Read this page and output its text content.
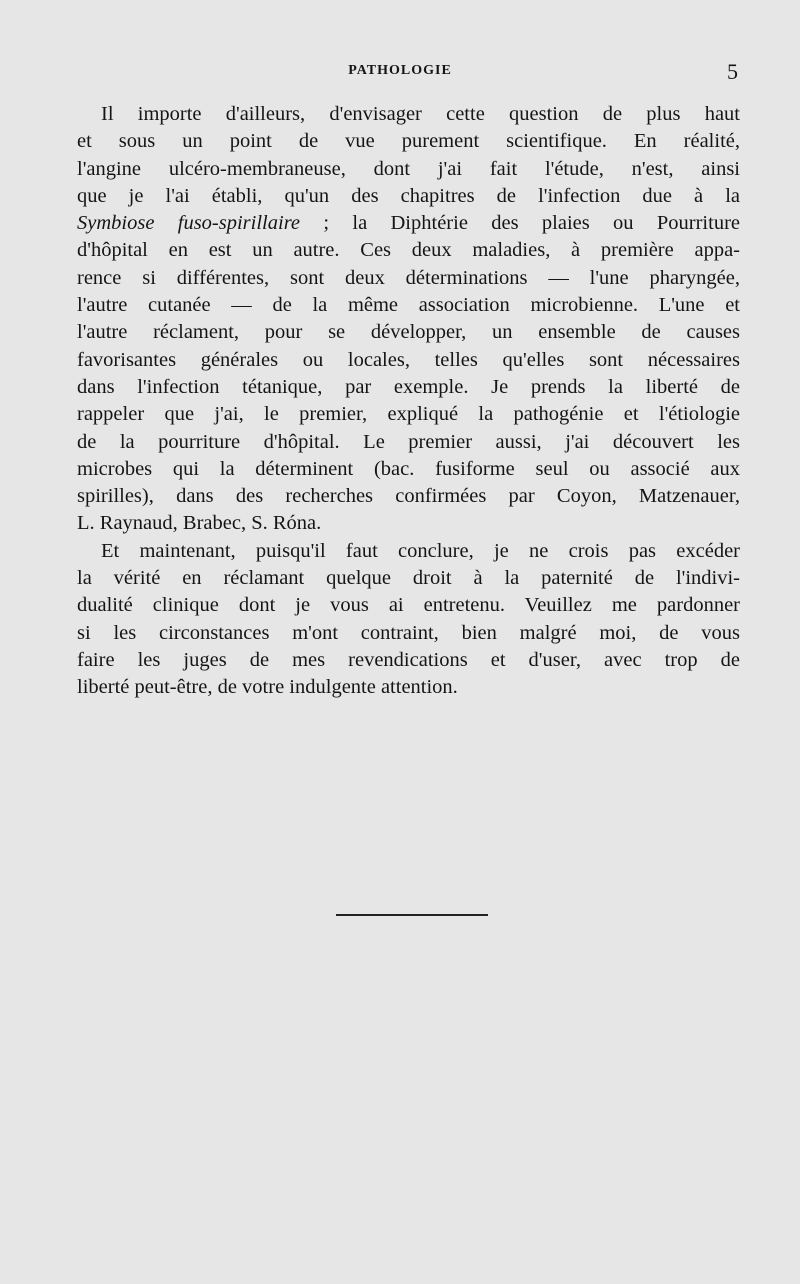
PATHOLOGIE	5
Il importe d'ailleurs, d'envisager cette question de plus haut
et sous un point de vue purement scientifique. En réalité,
l'angine ulcéro-membraneuse, dont j'ai fait l'étude, n'est, ainsi
que je l'ai établi, qu'un des chapitres de l'infection due à la
Symbiose fuso-spirillaire ; la Diphtérie des plaies ou Pourriture
d'hôpital en est un autre. Ces deux maladies, à première appa-
rence si différentes, sont deux déterminations — l'une pharyngée,
l'autre cutanée — de la même association microbienne. L'une et
l'autre réclament, pour se développer, un ensemble de causes
favorisantes générales ou locales, telles qu'elles sont nécessaires
dans l'infection tétanique, par exemple. Je prends la liberté de
rappeler que j'ai, le premier, expliqué la pathogénie et l'étiologie
de la pourriture d'hôpital. Le premier aussi, j'ai découvert les
microbes qui la déterminent (bac. fusiforme seul ou associé aux
spirilles), dans des recherches confirmées par Coyon, Matzenauer,
L. Raynaud, Brabec, S. Róna.
Et maintenant, puisqu'il faut conclure, je ne crois pas excéder
la vérité en réclamant quelque droit à la paternité de l'indivi-
dualité clinique dont je vous ai entretenu. Veuillez me pardonner
si les circonstances m'ont contraint, bien malgré moi, de vous
faire les juges de mes revendications et d'user, avec trop de
liberté peut-être, de votre indulgente attention.
